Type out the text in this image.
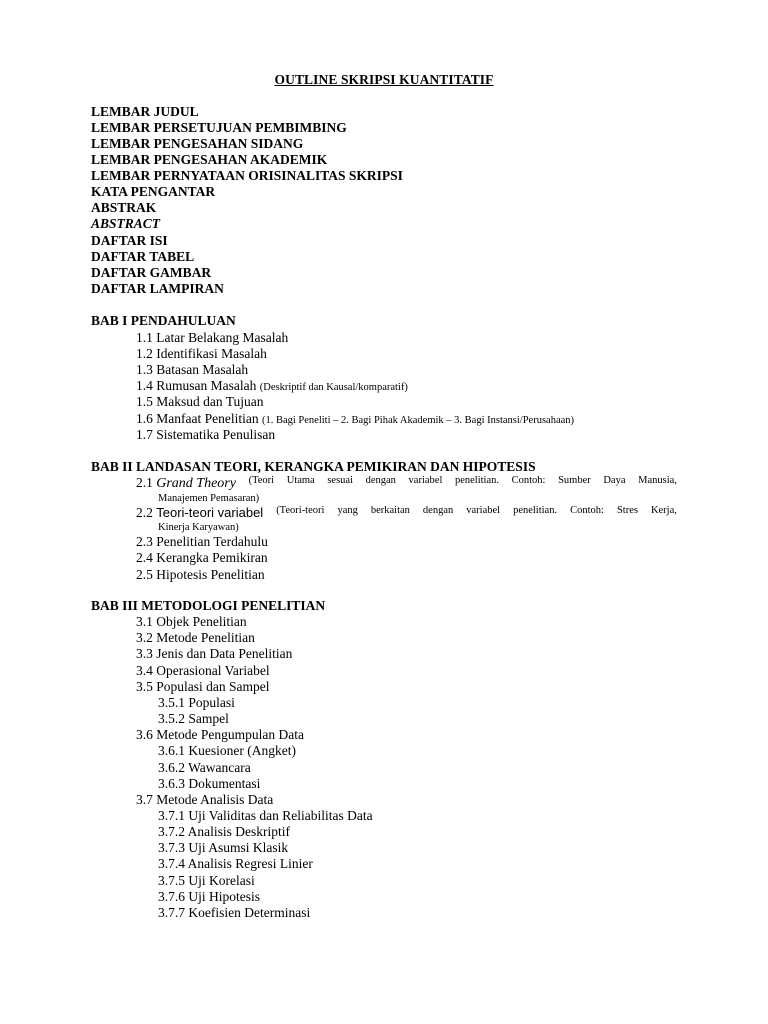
OUTLINE SKRIPSI KUANTITATIF
LEMBAR JUDUL
LEMBAR PERSETUJUAN PEMBIMBING
LEMBAR PENGESAHAN SIDANG
LEMBAR PENGESAHAN AKADEMIK
LEMBAR PERNYATAAN ORISINALITAS SKRIPSI
KATA PENGANTAR
ABSTRAK
ABSTRACT
DAFTAR ISI
DAFTAR TABEL
DAFTAR GAMBAR
DAFTAR LAMPIRAN
BAB I PENDAHULUAN
1.1 Latar Belakang Masalah
1.2 Identifikasi Masalah
1.3 Batasan Masalah
1.4 Rumusan Masalah (Deskriptif dan Kausal/komparatif)
1.5 Maksud dan Tujuan
1.6 Manfaat Penelitian (1. Bagi Peneliti – 2. Bagi Pihak Akademik – 3. Bagi Instansi/Perusahaan)
1.7 Sistematika Penulisan
BAB II LANDASAN TEORI, KERANGKA PEMIKIRAN DAN HIPOTESIS
2.1 Grand Theory (Teori Utama sesuai dengan variabel penelitian. Contoh: Sumber Daya Manusia,
Manajemen Pemasaran)
2.2 Teori-teori variabel (Teori-teori yang berkaitan dengan variabel penelitian. Contoh: Stres Kerja,
Kinerja Karyawan)
2.3 Penelitian Terdahulu
2.4 Kerangka Pemikiran
2.5 Hipotesis Penelitian
BAB III METODOLOGI PENELITIAN
3.1 Objek Penelitian
3.2 Metode Penelitian
3.3 Jenis dan Data Penelitian
3.4 Operasional Variabel
3.5 Populasi dan Sampel
3.5.1 Populasi
3.5.2 Sampel
3.6 Metode Pengumpulan Data
3.6.1 Kuesioner (Angket)
3.6.2 Wawancara
3.6.3 Dokumentasi
3.7 Metode Analisis Data
3.7.1 Uji Validitas dan Reliabilitas Data
3.7.2 Analisis Deskriptif
3.7.3 Uji Asumsi Klasik
3.7.4 Analisis Regresi Linier
3.7.5 Uji Korelasi
3.7.6 Uji Hipotesis
3.7.7 Koefisien Determinasi
